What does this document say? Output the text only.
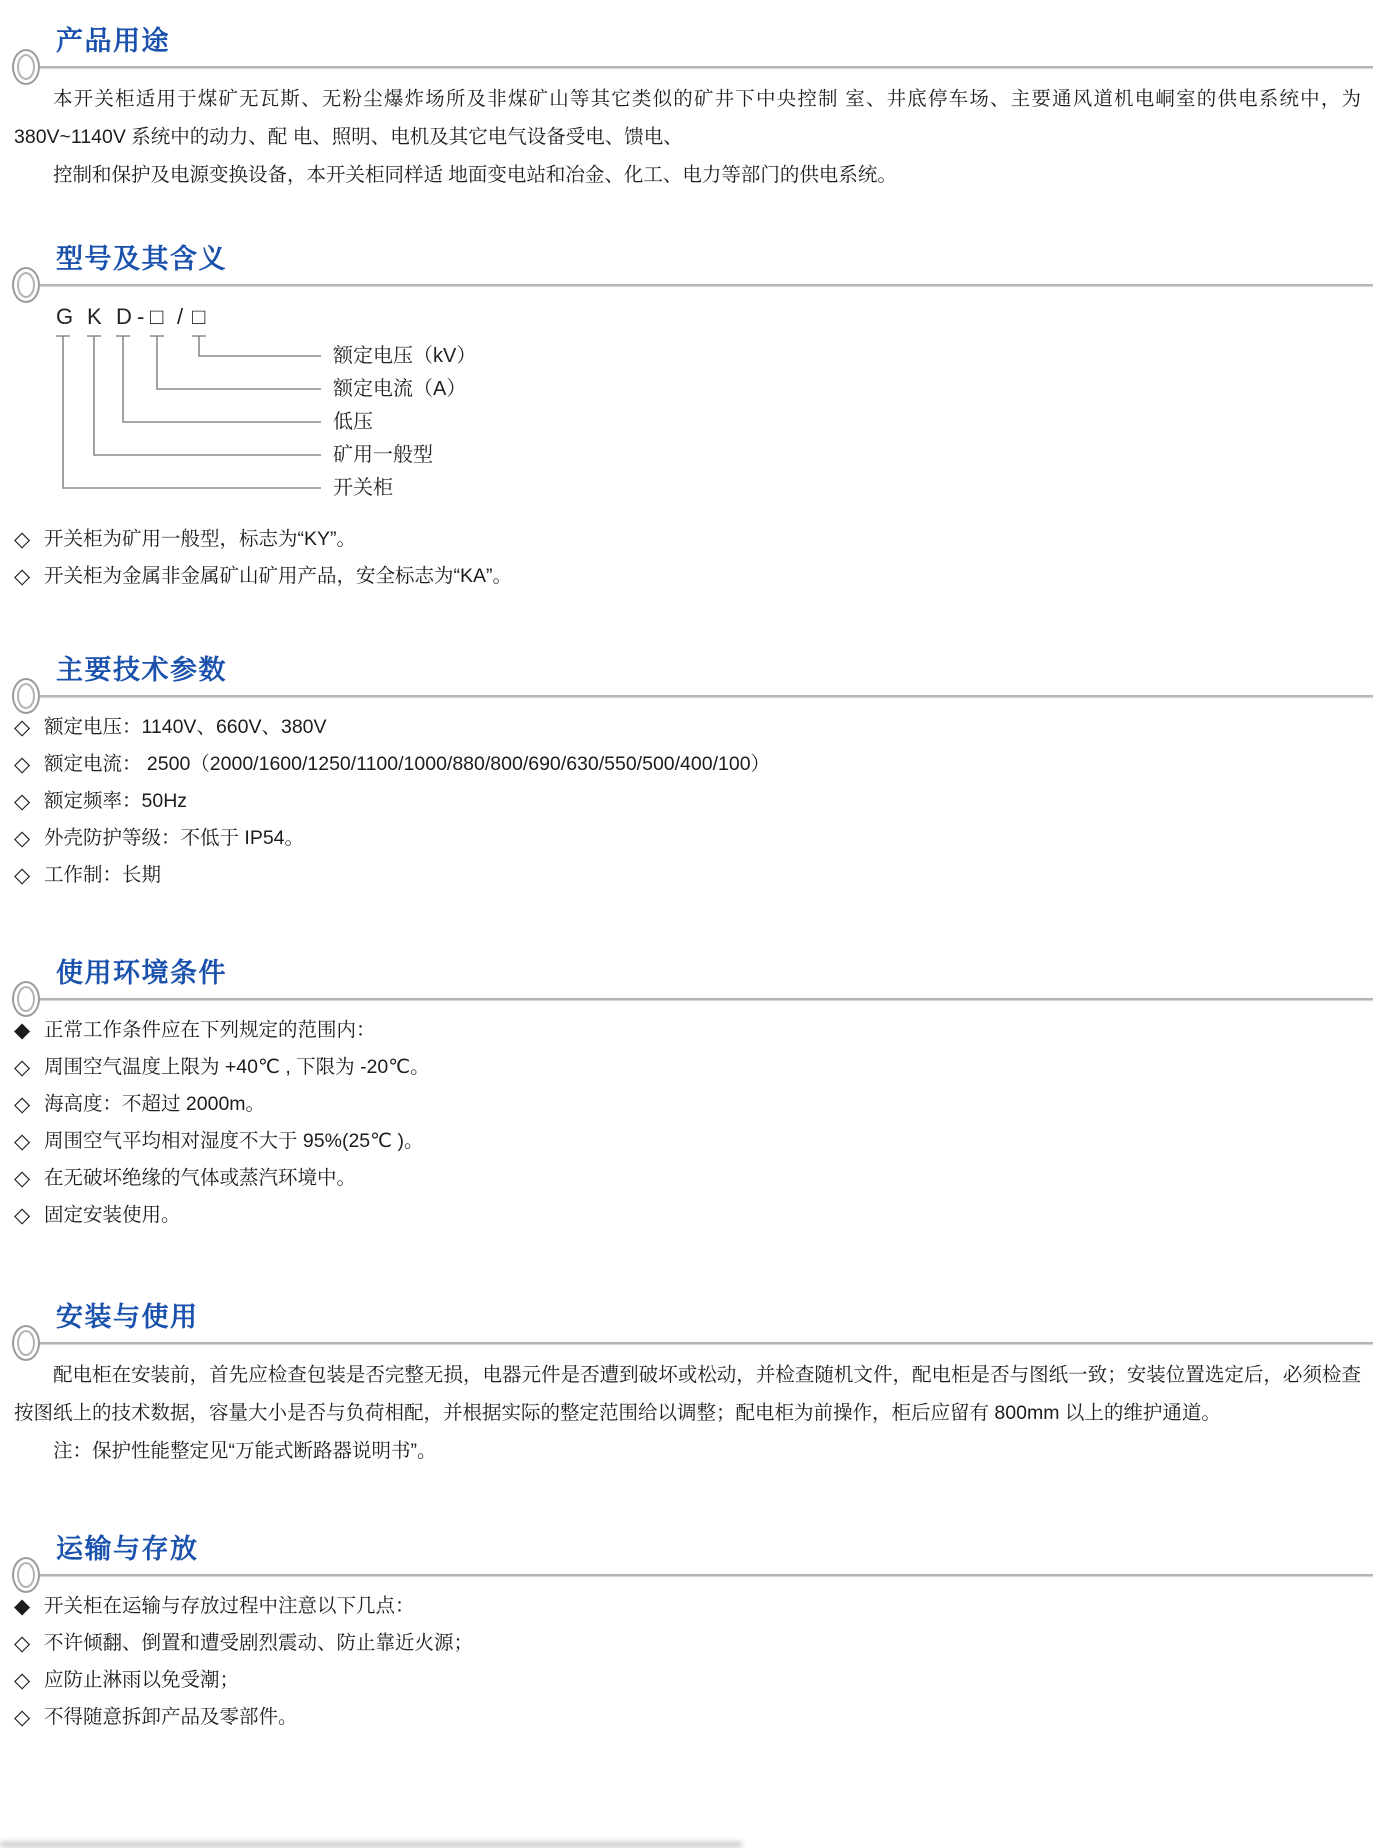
产品用途

本开关柜适用于煤矿无瓦斯、无粉尘爆炸场所及非煤矿山等其它类似的矿井下中央控制 室、井底停车场、主要通风道机电峒室的供电系统中，为 380V~1140V 系统中的动力、配 电、照明、电机及其它电气设备受电、馈电、

控制和保护及电源变换设备，本开关柜同样适 地面变电站和冶金、化工、电力等部门的供电系统。

型号及其含义
G K D - □ / □
额定电压（kV）
额定电流（A）
低压
矿用一般型
开关柜
◇ 开关柜为矿用一般型，标志为“KY”。
◇ 开关柜为金属非金属矿山矿用产品，安全标志为“KA”。
主要技术参数
◇ 额定电压：1140V、660V、380V
◇ 额定电流： 2500（2000/1600/1250/1100/1000/880/800/690/630/550/500/400/100）
◇ 额定频率：50Hz
◇ 外壳防护等级：不低于 IP54。
◇ 工作制：长期
使用环境条件
◆ 正常工作条件应在下列规定的范围内：
◇ 周围空气温度上限为 +40℃ , 下限为 -20℃。
◇ 海高度：不超过 2000m。
◇ 周围空气平均相对湿度不大于 95%(25℃ )。
◇ 在无破坏绝缘的气体或蒸汽环境中。
◇ 固定安装使用。
安装与使用

配电柜在安装前，首先应检查包装是否完整无损，电器元件是否遭到破坏或松动，并检查随机文件，配电柜是否与图纸一致；安装位置选定后，必须检查按图纸上的技术数据，容量大小是否与负荷相配，并根据实际的整定范围给以调整；配电柜为前操作，柜后应留有 800mm 以上的维护通道。

注：保护性能整定见“万能式断路器说明书”。

运输与存放
◆ 开关柜在运输与存放过程中注意以下几点：
◇ 不许倾翻、倒置和遭受剧烈震动、防止靠近火源；
◇ 应防止淋雨以免受潮；
◇ 不得随意拆卸产品及零部件。
